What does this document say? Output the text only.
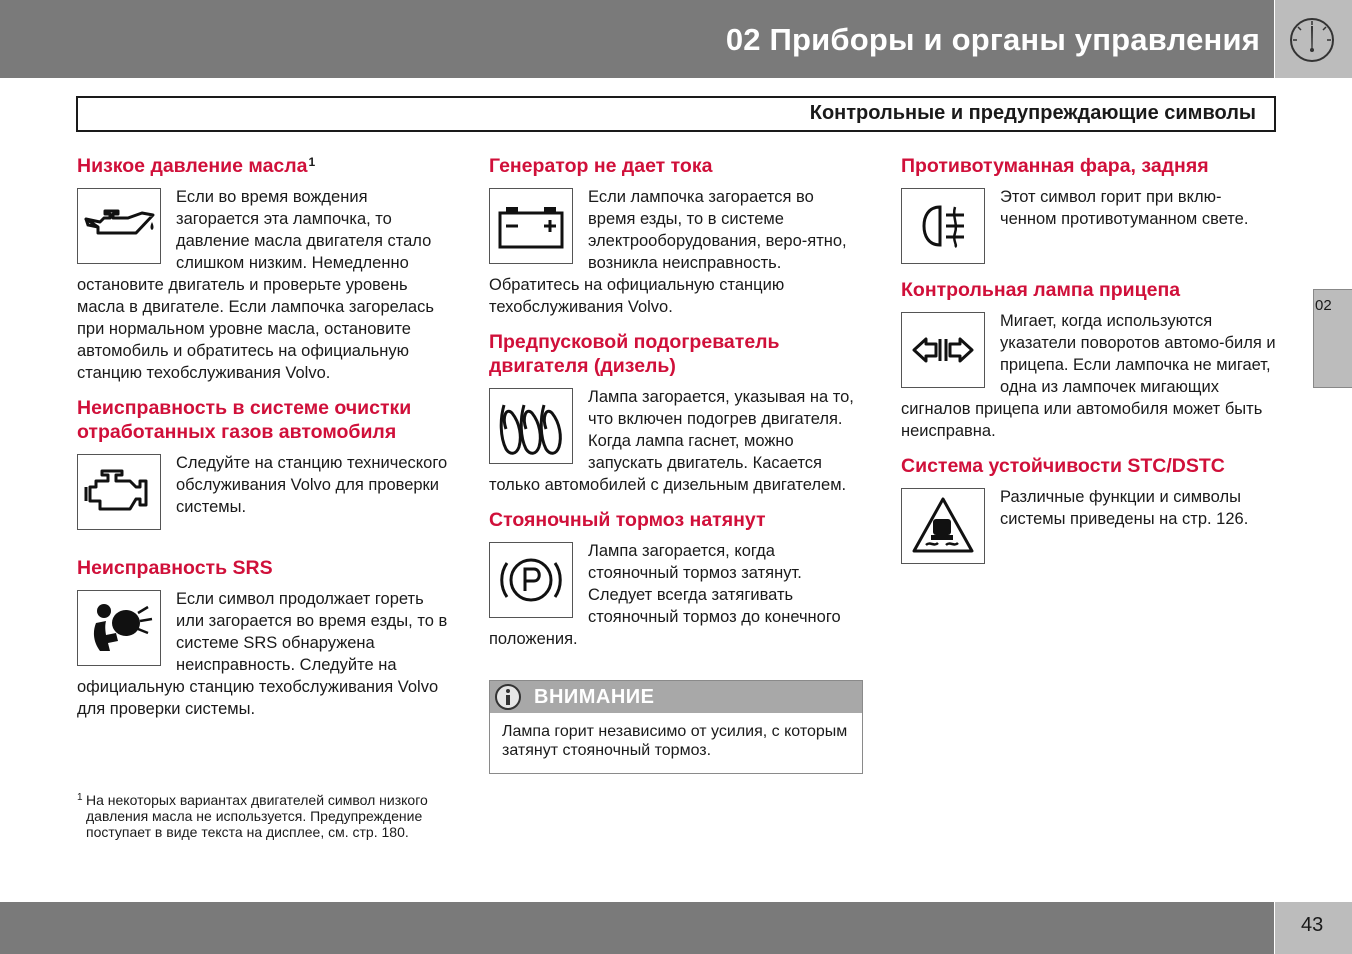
02 Приборы и органы управления
Контрольные и предупреждающие символы
Низкое давление масла$^1$

Если во время вождения загорается эта лампочка, то давление масла двигателя стало слишком низким. Немедленно остановите двигатель и проверьте уровень масла в двигателе. Если лампочка загорелась при нормальном уровне масла, остановите автомобиль и обратитесь на официальную станцию техобслуживания Volvo.

Неисправность в системе очистки отработанных газов автомобиля

Следуйте на станцию технического обслуживания Volvo для проверки системы.

Неисправность SRS

Если символ продолжает гореть или загорается во время езды, то в системе SRS обнаружена неисправность. Следуйте на официальную станцию техобслуживания Volvo для проверки системы.

1 На некоторых вариантах двигателей символ низкого давления масла не используется. Предупреждение поступает в виде текста на дисплее, см. стр. 180.
Генератор не дает тока

Если лампочка загорается во время езды, то в системе электрооборудования, веро-ятно, возникла неисправность. Обратитесь на официальную станцию техобслуживания Volvo.

Предпусковой подогреватель двигателя (дизель)

Лампа загорается, указывая на то, что включен подогрев двигателя. Когда лампа гаснет, можно запускать двигатель. Касается только автомобилей с дизельным двигателем.

Стояночный тормоз натянут

Лампа загорается, когда стояночный тормоз затянут. Следует всегда затягивать стояночный тормоз до конечного положения.

ВНИМАНИЕ
Лампа горит независимо от усилия, с которым затянут стояночный тормоз.
Противотуманная фара, задняя

Этот символ горит при вклю-ченном противотуманном свете.

Контрольная лампа прицепа

Мигает, когда используются указатели поворотов автомо-биля и прицепа. Если лампочка не мигает, одна из лампочек мигающих сигналов прицепа или автомобиля может быть неисправна.

Система устойчивости STC/DSTC

Различные функции и символы системы приведены на стр. 126.

02
43
